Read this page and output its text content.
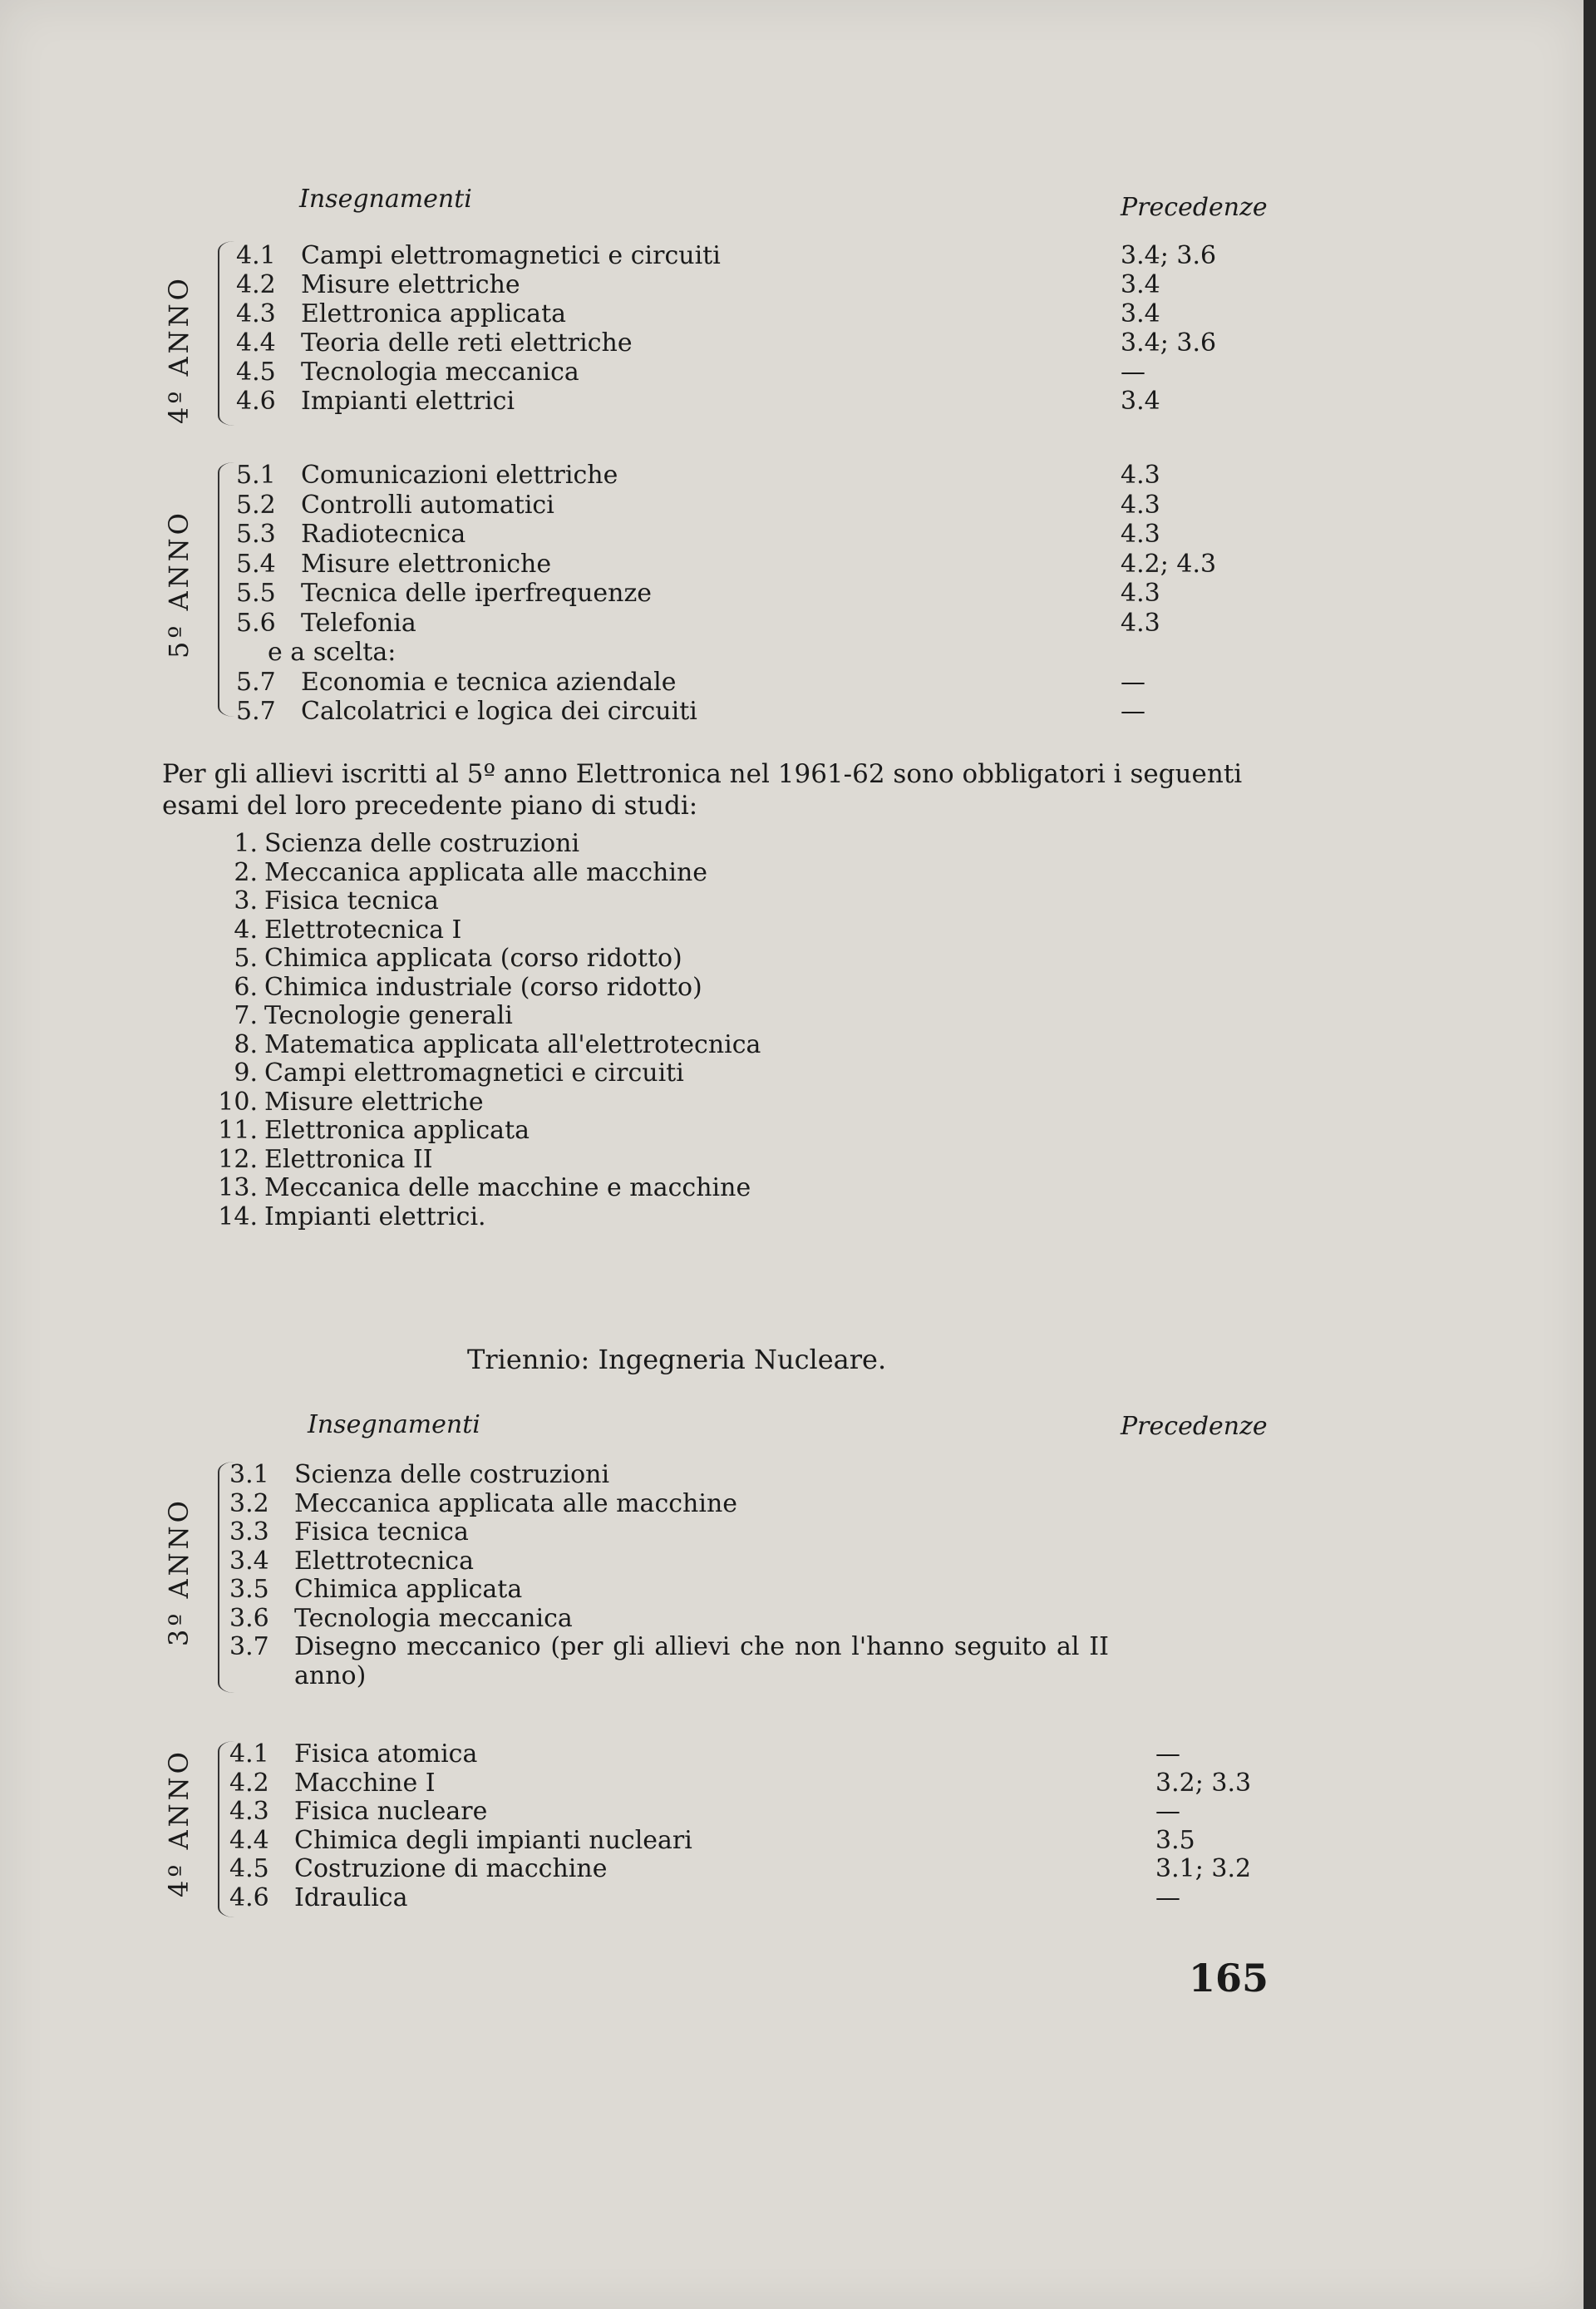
Insegnamenti	Precedenze
4º ANNO
4.1	Campi elettromagnetici e circuiti	3.4; 3.6
4.2	Misure elettriche	3.4
4.3	Elettronica applicata	3.4
4.4	Teoria delle reti elettriche	3.4; 3.6
4.5	Tecnologia meccanica	—
4.6	Impianti elettrici	3.4
5º ANNO
5.1	Comunicazioni elettriche	4.3
5.2	Controlli automatici	4.3
5.3	Radiotecnica	4.3
5.4	Misure elettroniche	4.2; 4.3
5.5	Tecnica delle iperfrequenze	4.3
5.6	Telefonia	4.3
e a scelta:
5.7	Economia e tecnica aziendale	—
5.7	Calcolatrici e logica dei circuiti	—
Per gli allievi iscritti al 5º anno Elettronica nel 1961-62 sono obbligatori i seguenti esami del loro precedente piano di studi:
1. Scienza delle costruzioni
2. Meccanica applicata alle macchine
3. Fisica tecnica
4. Elettrotecnica I
5. Chimica applicata (corso ridotto)
6. Chimica industriale (corso ridotto)
7. Tecnologie generali
8. Matematica applicata all'elettrotecnica
9. Campi elettromagnetici e circuiti
10. Misure elettriche
11. Elettronica applicata
12. Elettronica II
13. Meccanica delle macchine e macchine
14. Impianti elettrici.
Triennio: Ingegneria Nucleare.
Insegnamenti	Precedenze
3º ANNO
3.1	Scienza delle costruzioni
3.2	Meccanica applicata alle macchine
3.3	Fisica tecnica
3.4	Elettrotecnica
3.5	Chimica applicata
3.6	Tecnologia meccanica
3.7	Disegno meccanico (per gli allievi che non l'hanno seguito al II anno)
4º ANNO 4.1	Fisica atomica	—
4.2	Macchine I	3.2; 3.3
4.3	Fisica nucleare	—
4.4	Chimica degli impianti nucleari	3.5
4.5	Costruzione di macchine	3.1; 3.2
4.6	Idraulica	—
165
